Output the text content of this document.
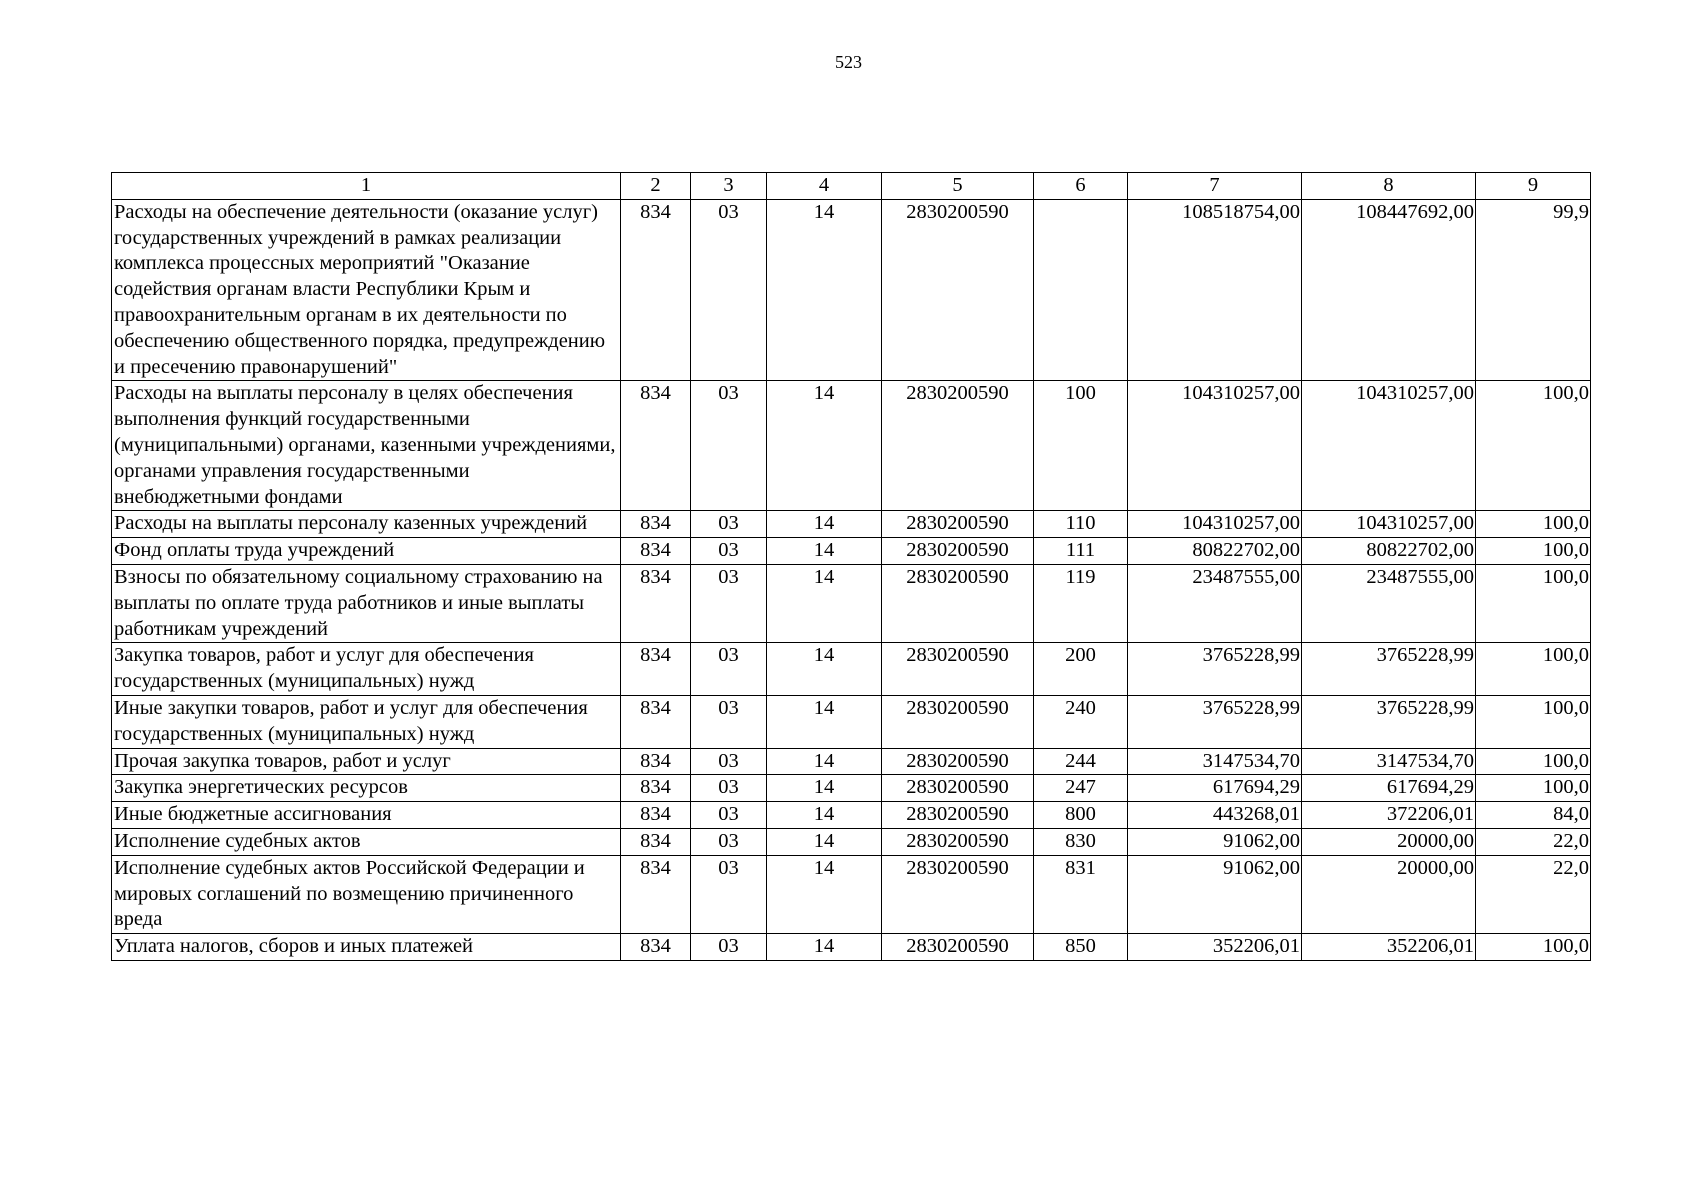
523
1	2	3	4	5	6	7	8	9
Расходы на обеспечение деятельности (оказание услуг) государственных учреждений в рамках реализации комплекса процессных мероприятий "Оказание содействия органам власти Республики Крым и правоохранительным органам в их деятельности по обеспечению общественного порядка, предупреждению и пресечению правонарушений"	834	03	14	2830200590		108518754,00	108447692,00	99,9
Расходы на выплаты персоналу в целях обеспечения выполнения функций государственными (муниципальными) органами, казенными учреждениями, органами управления государственными внебюджетными фондами	834	03	14	2830200590	100	104310257,00	104310257,00	100,0
Расходы на выплаты персоналу казенных учреждений	834	03	14	2830200590	110	104310257,00	104310257,00	100,0
Фонд оплаты труда учреждений	834	03	14	2830200590	111	80822702,00	80822702,00	100,0
Взносы по обязательному социальному страхованию на выплаты по оплате труда работников и иные выплаты работникам учреждений	834	03	14	2830200590	119	23487555,00	23487555,00	100,0
Закупка товаров, работ и услуг для обеспечения государственных (муниципальных) нужд	834	03	14	2830200590	200	3765228,99	3765228,99	100,0
Иные закупки товаров, работ и услуг для обеспечения государственных (муниципальных) нужд	834	03	14	2830200590	240	3765228,99	3765228,99	100,0
Прочая закупка товаров, работ и услуг	834	03	14	2830200590	244	3147534,70	3147534,70	100,0
Закупка энергетических ресурсов	834	03	14	2830200590	247	617694,29	617694,29	100,0
Иные бюджетные ассигнования	834	03	14	2830200590	800	443268,01	372206,01	84,0
Исполнение судебных актов	834	03	14	2830200590	830	91062,00	20000,00	22,0
Исполнение судебных актов Российской Федерации и мировых соглашений по возмещению причиненного вреда	834	03	14	2830200590	831	91062,00	20000,00	22,0
Уплата налогов, сборов и иных платежей	834	03	14	2830200590	850	352206,01	352206,01	100,0
